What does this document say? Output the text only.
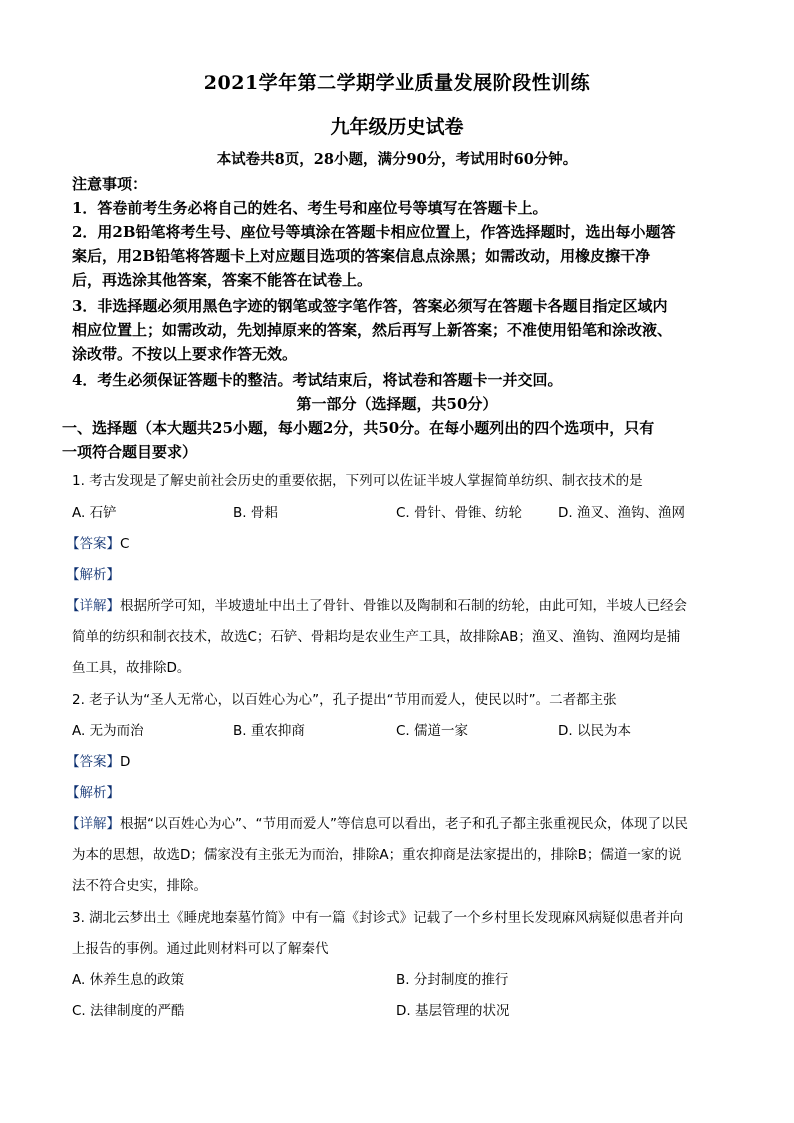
2021学年第二学期学业质量发展阶段性训练
九年级历史试卷
本试卷共8页，28小题，满分90分，考试用时60分钟。
注意事项：
1．答卷前考生务必将自己的姓名、考生号和座位号等填写在答题卡上。
2．用2B铅笔将考生号、座位号等填涂在答题卡相应位置上，作答选择题时，选出每小题答
案后，用2B铅笔将答题卡上对应题目选项的答案信息点涂黑；如需改动，用橡皮擦干净
后，再选涂其他答案，答案不能答在试卷上。
3．非选择题必须用黑色字迹的钢笔或签字笔作答，答案必须写在答题卡各题目指定区域内
相应位置上；如需改动，先划掉原来的答案，然后再写上新答案；不准使用铅笔和涂改液、
涂改带。不按以上要求作答无效。
4．考生必须保证答题卡的整洁。考试结束后，将试卷和答题卡一并交回。
第一部分（选择题，共50分）
一、选择题（本大题共25小题，每小题2分，共50分。在每小题列出的四个选项中，只有
一项符合题目要求）
1. 考古发现是了解史前社会历史的重要依据，下列可以佐证半坡人掌握简单纺织、制衣技术的是
A. 石铲	B. 骨耜	C. 骨针、骨锥、纺轮	D. 渔叉、渔钩、渔网
【答案】C
【解析】
【详解】根据所学可知，半坡遗址中出土了骨针、骨锥以及陶制和石制的纺轮，由此可知，半坡人已经会
简单的纺织和制衣技术，故选C；石铲、骨耜均是农业生产工具，故排除AB；渔叉、渔钩、渔网均是捕
鱼工具，故排除D。
2. 老子认为“圣人无常心，以百姓心为心”，孔子提出“节用而爱人，使民以时”。二者都主张
A. 无为而治	B. 重农抑商	C. 儒道一家	D. 以民为本
【答案】D
【解析】
【详解】根据“以百姓心为心”、“节用而爱人”等信息可以看出，老子和孔子都主张重视民众，体现了以民
为本的思想，故选D；儒家没有主张无为而治，排除A；重农抑商是法家提出的，排除B；儒道一家的说
法不符合史实，排除。
3. 湖北云梦出土《睡虎地秦墓竹简》中有一篇《封诊式》记载了一个乡村里长发现麻风病疑似患者并向
上报告的事例。通过此则材料可以了解秦代
A. 休养生息的政策	B. 分封制度的推行
C. 法律制度的严酷	D. 基层管理的状况
